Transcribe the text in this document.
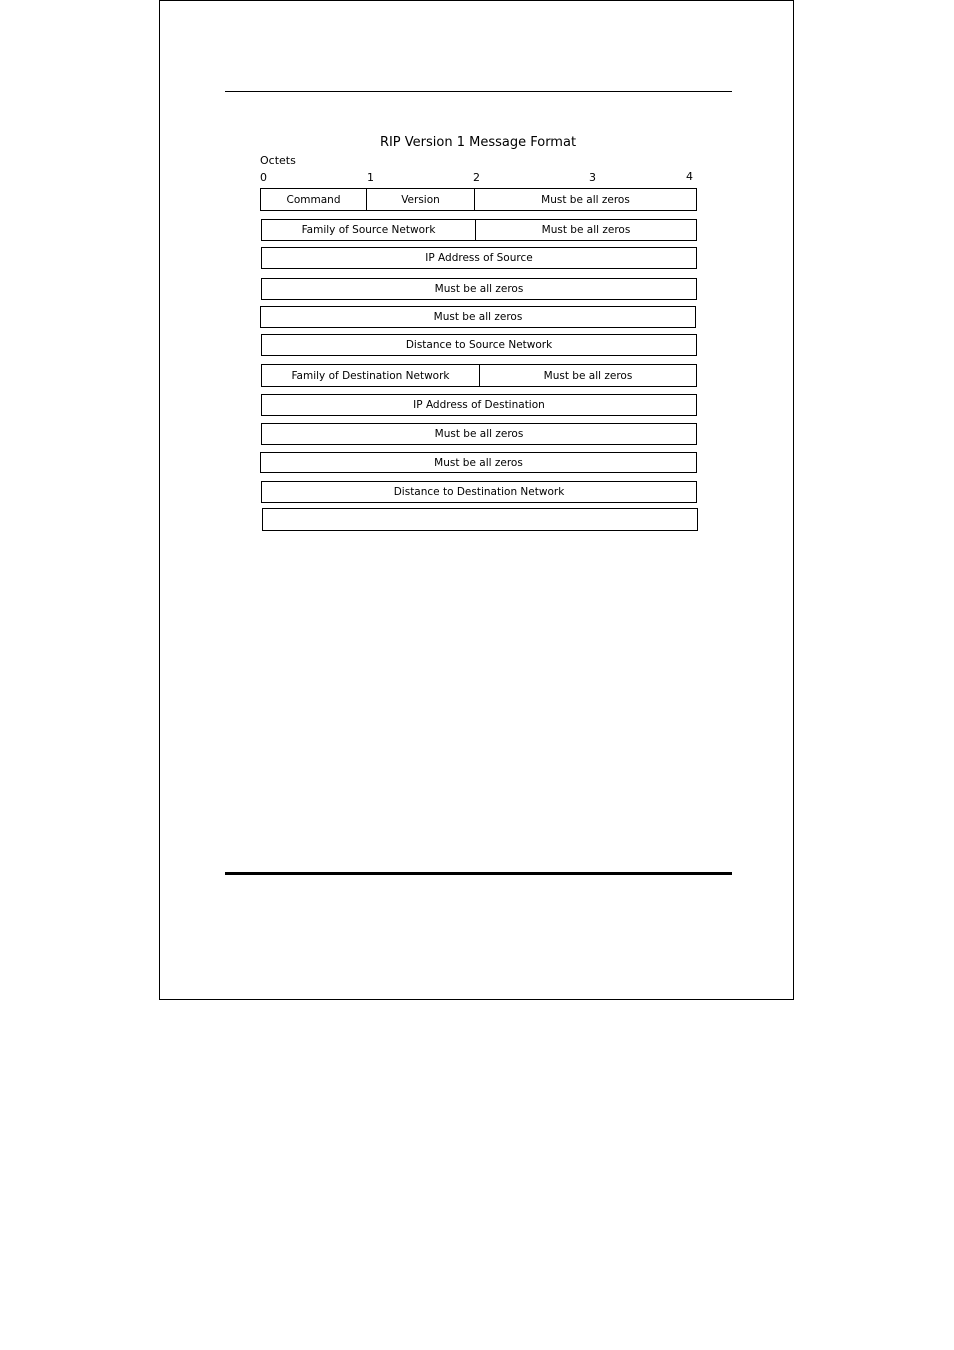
RIP Version 1 Message Format
Octets
0	1	2	3	4
Command	Version	Must be all zeros
Family of Source Network	Must be all zeros
IP Address of Source
Must be all zeros
Must be all zeros
Distance to Source Network
Family of Destination Network	Must be all zeros
IP Address of Destination
Must be all zeros
Must be all zeros
Distance to Destination Network
